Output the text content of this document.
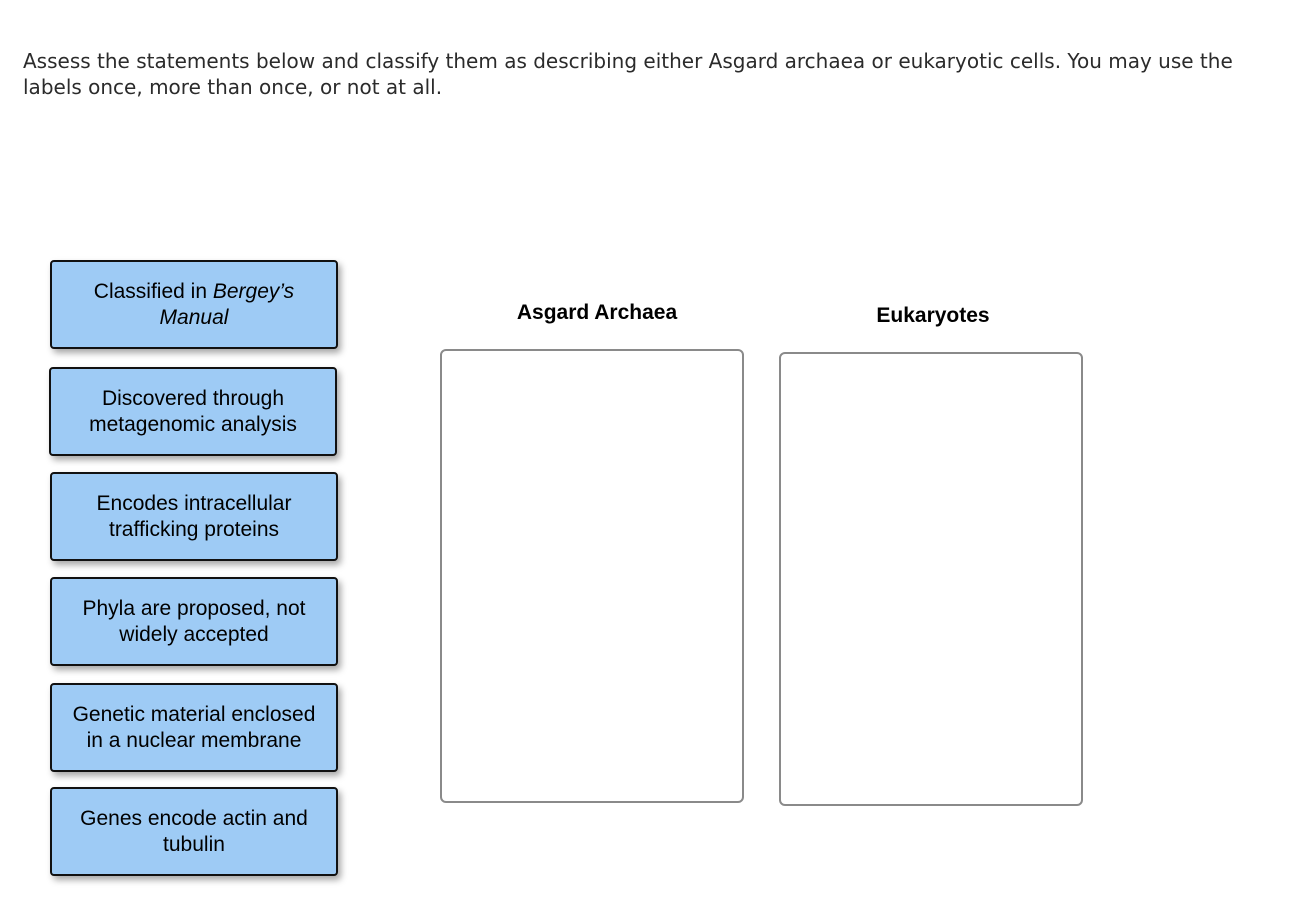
Assess the statements below and classify them as describing either Asgard archaea or eukaryotic cells. You may use the labels once, more than once, or not at all.
Classified in Bergey’s Manual
Discovered through metagenomic analysis
Encodes intracellular trafficking proteins
Phyla are proposed, not widely accepted
Genetic material enclosed in a nuclear membrane
Genes encode actin and tubulin
Asgard Archaea	Eukaryotes
